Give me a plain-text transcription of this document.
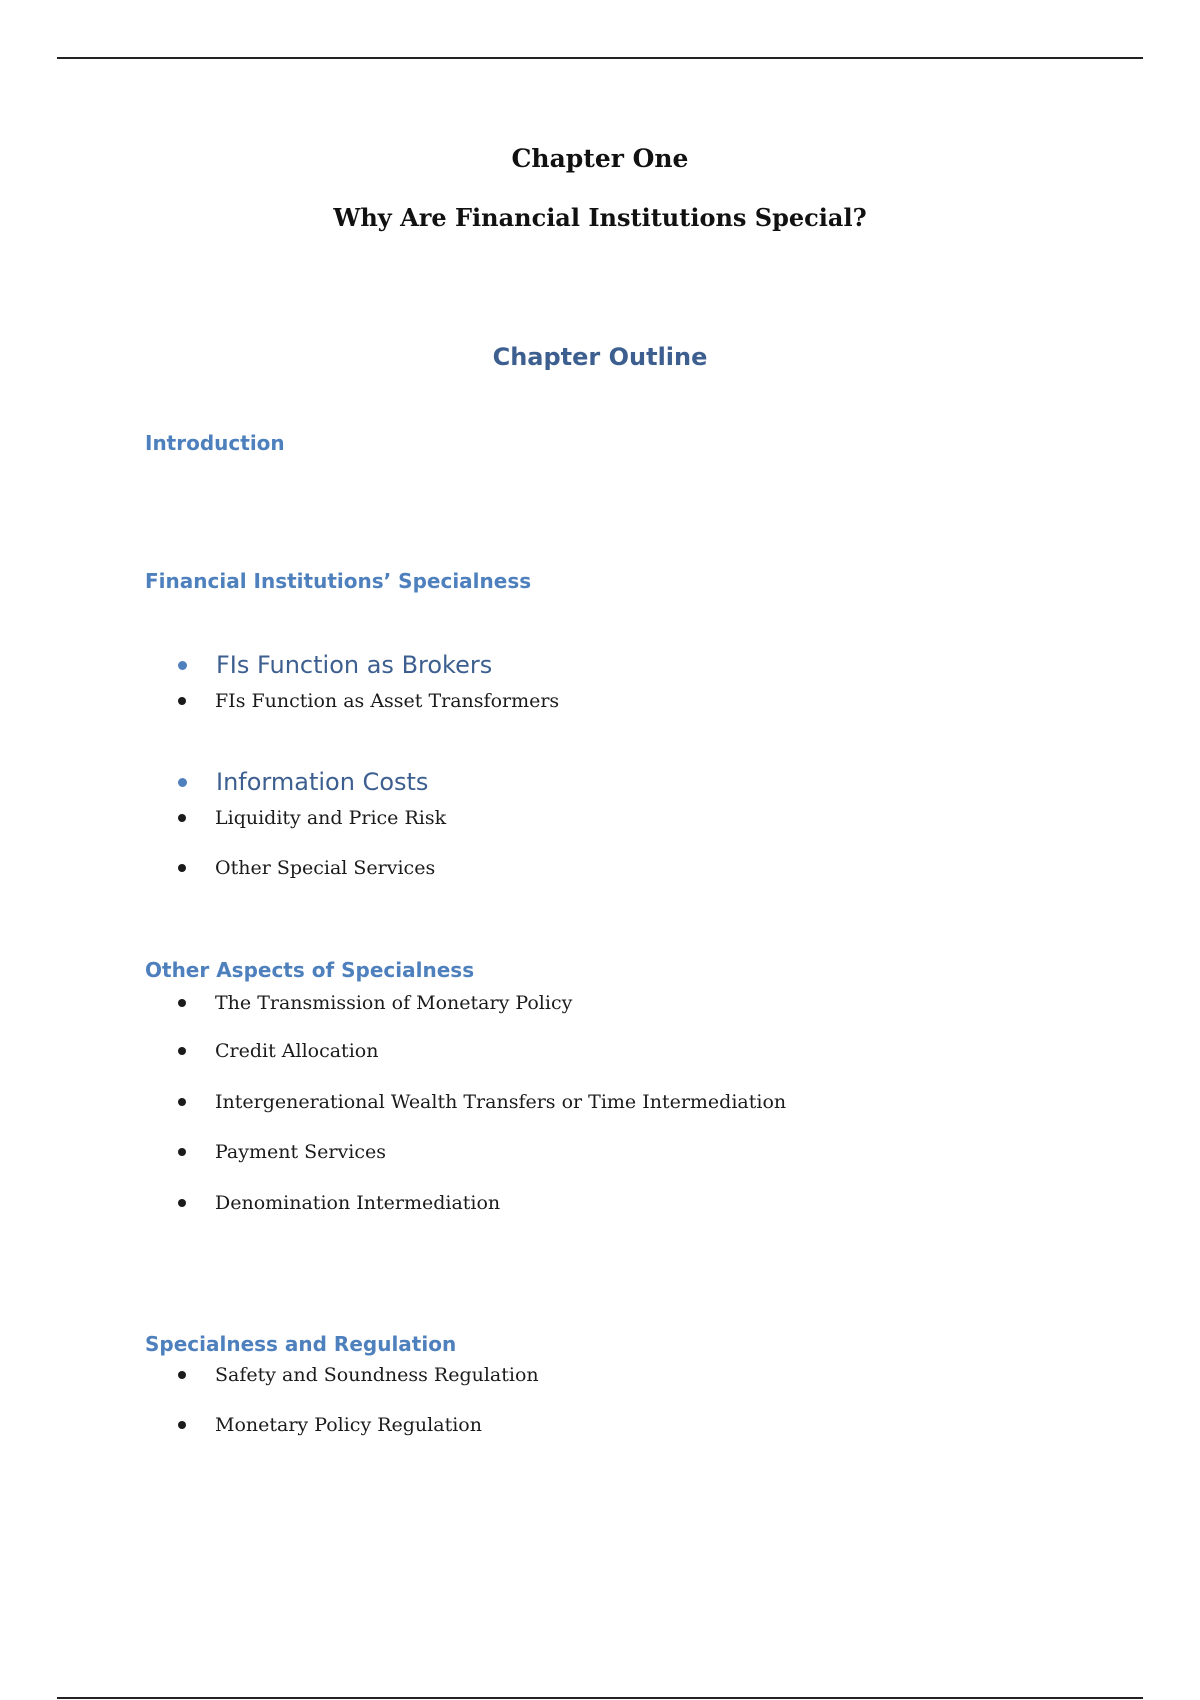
Chapter One
Why Are Financial Institutions Special?
Chapter Outline
Introduction
Financial Institutions’ Specialness
FIs Function as Brokers
FIs Function as Asset Transformers
Information Costs
Liquidity and Price Risk
Other Special Services
Other Aspects of Specialness
The Transmission of Monetary Policy
Credit Allocation
Intergenerational Wealth Transfers or Time Intermediation
Payment Services
Denomination Intermediation
Specialness and Regulation
Safety and Soundness Regulation
Monetary Policy Regulation
